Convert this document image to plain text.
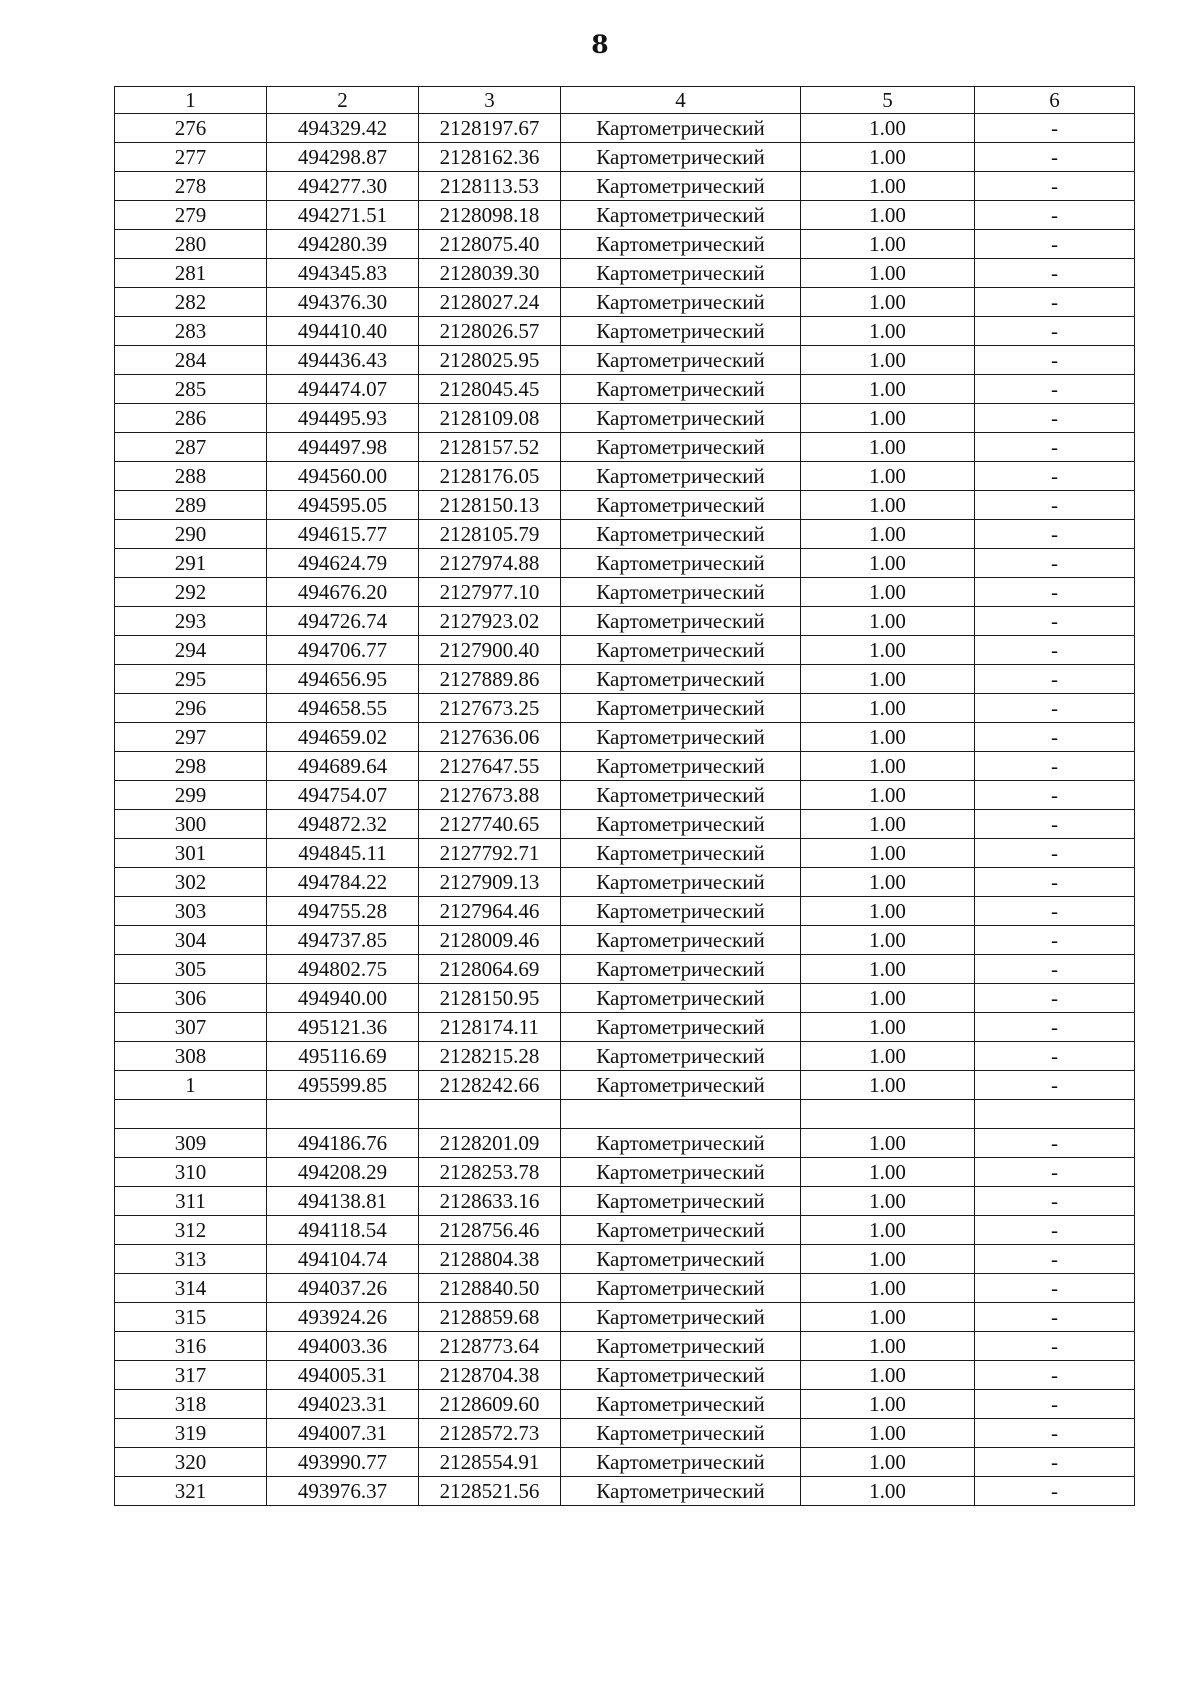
8
1	2	3	4	5	6
276	494329.42	2128197.67	Картометрический	1.00	-
277	494298.87	2128162.36	Картометрический	1.00	-
278	494277.30	2128113.53	Картометрический	1.00	-
279	494271.51	2128098.18	Картометрический	1.00	-
280	494280.39	2128075.40	Картометрический	1.00	-
281	494345.83	2128039.30	Картометрический	1.00	-
282	494376.30	2128027.24	Картометрический	1.00	-
283	494410.40	2128026.57	Картометрический	1.00	-
284	494436.43	2128025.95	Картометрический	1.00	-
285	494474.07	2128045.45	Картометрический	1.00	-
286	494495.93	2128109.08	Картометрический	1.00	-
287	494497.98	2128157.52	Картометрический	1.00	-
288	494560.00	2128176.05	Картометрический	1.00	-
289	494595.05	2128150.13	Картометрический	1.00	-
290	494615.77	2128105.79	Картометрический	1.00	-
291	494624.79	2127974.88	Картометрический	1.00	-
292	494676.20	2127977.10	Картометрический	1.00	-
293	494726.74	2127923.02	Картометрический	1.00	-
294	494706.77	2127900.40	Картометрический	1.00	-
295	494656.95	2127889.86	Картометрический	1.00	-
296	494658.55	2127673.25	Картометрический	1.00	-
297	494659.02	2127636.06	Картометрический	1.00	-
298	494689.64	2127647.55	Картометрический	1.00	-
299	494754.07	2127673.88	Картометрический	1.00	-
300	494872.32	2127740.65	Картометрический	1.00	-
301	494845.11	2127792.71	Картометрический	1.00	-
302	494784.22	2127909.13	Картометрический	1.00	-
303	494755.28	2127964.46	Картометрический	1.00	-
304	494737.85	2128009.46	Картометрический	1.00	-
305	494802.75	2128064.69	Картометрический	1.00	-
306	494940.00	2128150.95	Картометрический	1.00	-
307	495121.36	2128174.11	Картометрический	1.00	-
308	495116.69	2128215.28	Картометрический	1.00	-
1	495599.85	2128242.66	Картометрический	1.00	-

309	494186.76	2128201.09	Картометрический	1.00	-
310	494208.29	2128253.78	Картометрический	1.00	-
311	494138.81	2128633.16	Картометрический	1.00	-
312	494118.54	2128756.46	Картометрический	1.00	-
313	494104.74	2128804.38	Картометрический	1.00	-
314	494037.26	2128840.50	Картометрический	1.00	-
315	493924.26	2128859.68	Картометрический	1.00	-
316	494003.36	2128773.64	Картометрический	1.00	-
317	494005.31	2128704.38	Картометрический	1.00	-
318	494023.31	2128609.60	Картометрический	1.00	-
319	494007.31	2128572.73	Картометрический	1.00	-
320	493990.77	2128554.91	Картометрический	1.00	-
321	493976.37	2128521.56	Картометрический	1.00	-
